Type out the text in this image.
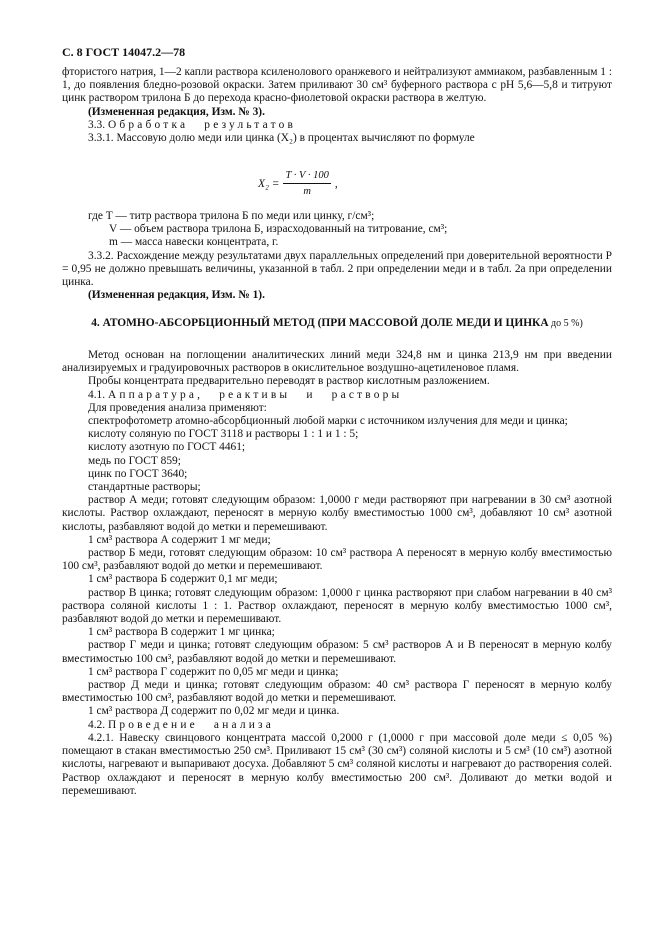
С. 8 ГОСТ 14047.2—78

фтористого натрия, 1—2 капли раствора ксиленолового оранжевого и нейтрализуют аммиаком, разбавленным 1 : 1, до появления бледно-розовой окраски. Затем приливают 30 см³ буферного раствора с рН 5,6—5,8 и титруют цинк раствором трилона Б до перехода красно-фиолетовой окраски раствора в желтую.

(Измененная редакция, Изм. № 3).

3.3. Обработка результатов

3.3.1. Массовую долю меди или цинка (X₂) в процентах вычисляют по формуле

$X_2 = \frac{T \cdot V \cdot 100}{m}$ ,
где T — титр раствора трилона Б по меди или цинку, г/см³;
V — объем раствора трилона Б, израсходованный на титрование, см³;
m — масса навески концентрата, г.

3.3.2. Расхождение между результатами двух параллельных определений при доверительной вероятности P = 0,95 не должно превышать величины, указанной в табл. 2 при определении меди и в табл. 2а при определении цинка.

(Измененная редакция, Изм. № 1).

4. АТОМНО-АБСОРБЦИОННЫЙ МЕТОД (ПРИ МАССОВОЙ ДОЛЕ МЕДИ И ЦИНКА до 5 %)

Метод основан на поглощении аналитических линий меди 324,8 нм и цинка 213,9 нм при введении анализируемых и градуировочных растворов в окислительное воздушно-ацетиленовое пламя.

Пробы концентрата предварительно переводят в раствор кислотным разложением.

4.1. Аппаратура, реактивы и растворы

Для проведения анализа применяют:

спектрофотометр атомно-абсорбционный любой марки с источником излучения для меди и цинка;

кислоту соляную по ГОСТ 3118 и растворы 1 : 1 и 1 : 5;

кислоту азотную по ГОСТ 4461;

медь по ГОСТ 859;

цинк по ГОСТ 3640;

стандартные растворы;

раствор А меди; готовят следующим образом: 1,0000 г меди растворяют при нагревании в 30 см³ азотной кислоты. Раствор охлаждают, переносят в мерную колбу вместимостью 1000 см³, добавляют 10 см³ азотной кислоты, разбавляют водой до метки и перемешивают.

1 см³ раствора А содержит 1 мг меди;

раствор Б меди, готовят следующим образом: 10 см³ раствора А переносят в мерную колбу вместимостью 100 см³, разбавляют водой до метки и перемешивают.

1 см³ раствора Б содержит 0,1 мг меди;

раствор В цинка; готовят следующим образом: 1,0000 г цинка растворяют при слабом нагревании в 40 см³ раствора соляной кислоты 1 : 1. Раствор охлаждают, переносят в мерную колбу вместимостью 1000 см³, разбавляют водой до метки и перемешивают.

1 см³ раствора В содержит 1 мг цинка;

раствор Г меди и цинка; готовят следующим образом: 5 см³ растворов А и В переносят в мерную колбу вместимостью 100 см³, разбавляют водой до метки и перемешивают.

1 см³ раствора Г содержит по 0,05 мг меди и цинка;

раствор Д меди и цинка; готовят следующим образом: 40 см³ раствора Г переносят в мерную колбу вместимостью 100 см³, разбавляют водой до метки и перемешивают.

1 см³ раствора Д содержит по 0,02 мг меди и цинка.

4.2. Проведение анализа

4.2.1. Навеску свинцового концентрата массой 0,2000 г (1,0000 г при массовой доле меди ≤ 0,05 %) помещают в стакан вместимостью 250 см³. Приливают 15 см³ (30 см³) соляной кислоты и 5 см³ (10 см³) азотной кислоты, нагревают и выпаривают досуха. Добавляют 5 см³ соляной кислоты и нагревают до растворения солей. Раствор охлаждают и переносят в мерную колбу вместимостью 200 см³. Доливают до метки водой и перемешивают.
